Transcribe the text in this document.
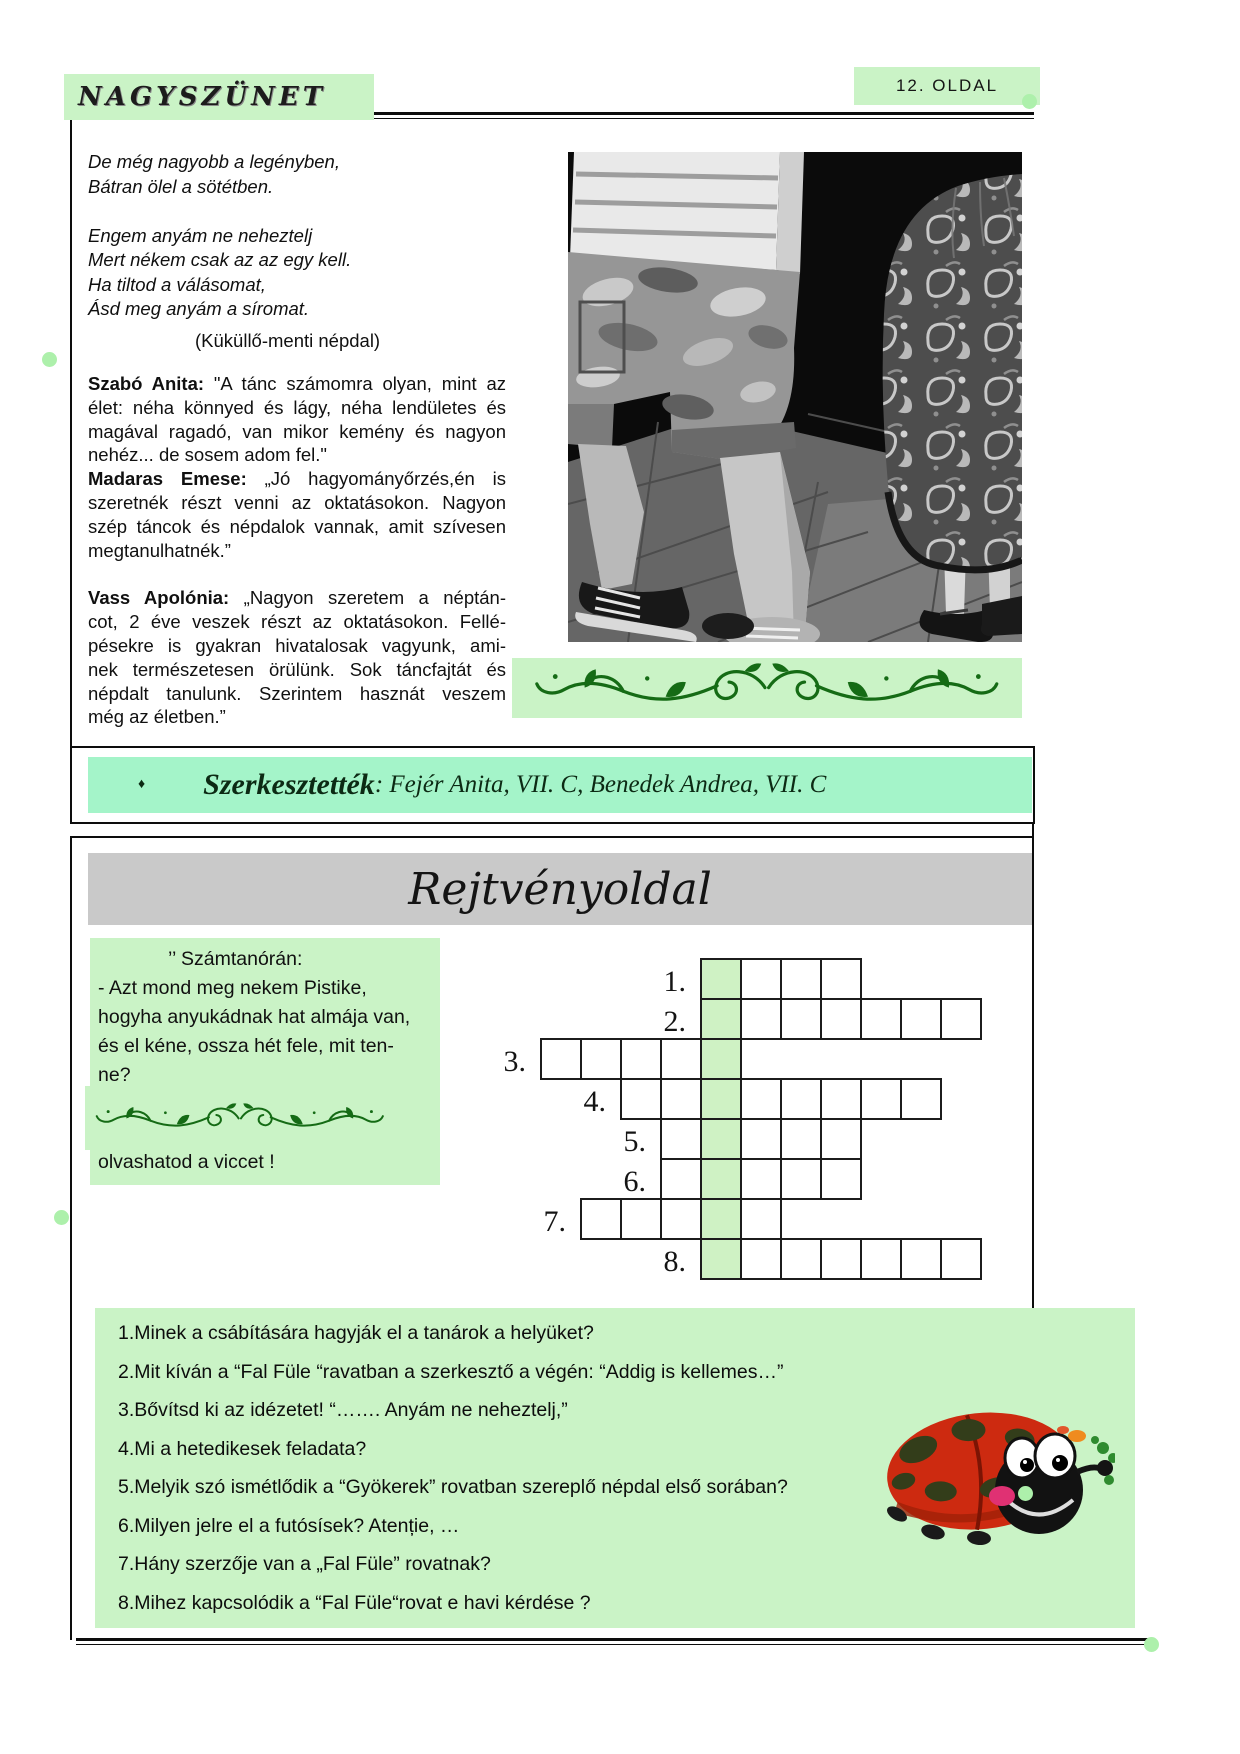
NAGYSZÜNET	12. OLDAL
De még nagyobb a legényben,
Bátran ölel a sötétben.
Engem anyám ne neheztelj
Mert nékem csak az az egy kell.
Ha tiltod a válásomat,
Ásd meg anyám a síromat.
(Küküllő-menti népdal)
Szabó Anita: "A tánc számomra olyan, mint az
élet: néha könnyed és lágy, néha lendületes és
magával ragadó, van mikor kemény és nagyon
nehéz... de sosem adom fel."
Madaras Emese: „Jó hagyományőrzés,én is
szeretnék részt venni az oktatásokon. Nagyon
szép táncok és népdalok vannak, amit szívesen
megtanulhatnék.”
Vass Apolónia: „Nagyon szeretem a néptán-
cot, 2 éve veszek részt az oktatásokon. Fellé-
pésekre is gyakran hivatalosak vagyunk, ami-
nek természetesen örülünk. Sok táncfajtát és
népdalt tanulunk. Szerintem hasznát veszem
még az életben.”
♦ Szerkesztették : Fejér Anita, VII. C, Benedek Andrea, VII. C
Rejtvényoldal
’’ Számtanórán:
- Azt mond meg nekem Pistike,
hogyha anyukádnak hat almája van,
és el kéne, ossza hét fele, mit ten-
ne?
olvashatod a viccet !
1.
2.
3.
4.
5.
6.
7.
8.
1.Minek a csábítására hagyják el a tanárok a helyüket?
2.Mit kíván a “Fal Füle “ravatban a szerkesztő a végén: “Addig is kellemes…”
3.Bővítsd ki az idézetet! “……. Anyám ne neheztelj,”
4.Mi a hetedikesek feladata?
5.Melyik szó ismétlődik a “Gyökerek” rovatban szereplő népdal első sorában?
6.Milyen jelre el a futósísek? Atenție, …
7.Hány szerzője van a „Fal Füle” rovatnak?
8.Mihez kapcsolódik a “Fal Füle“rovat e havi kérdése ?
